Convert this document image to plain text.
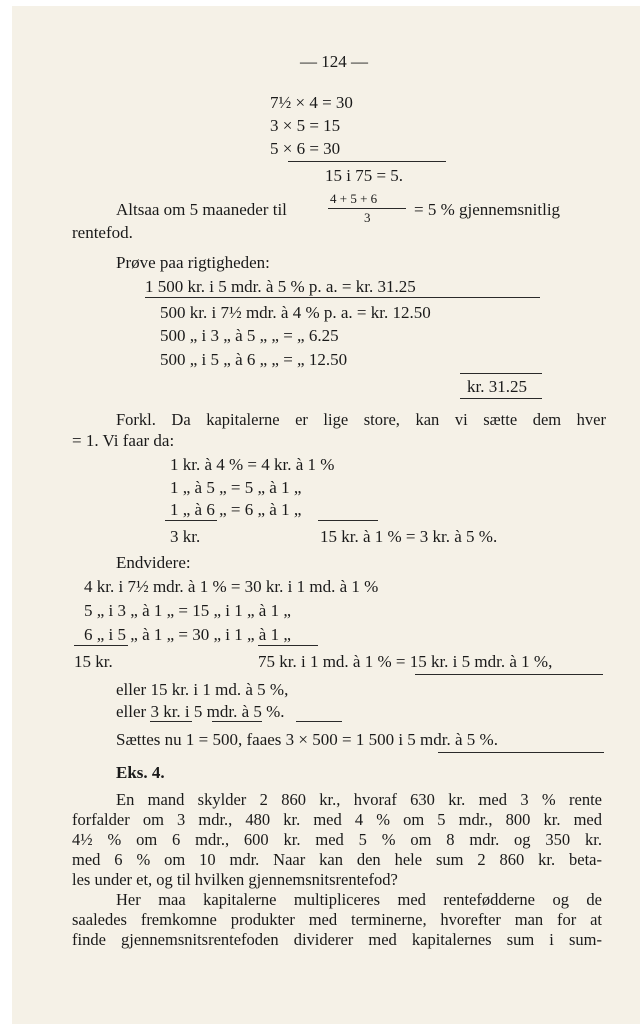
— 124 —
7½ × 4 = 30
3 × 5 = 15
5 × 6 = 30
15 i 75 = 5.
Altsaa om 5 maaneder til
4 + 5 + 6
3	= 5 % gjennemsnitlig
rentefod.
Prøve paa rigtigheden:
1 500 kr. i 5 mdr. à 5 % p. a. = kr. 31.25
500 kr. i 7½ mdr. à 4 % p. a. = kr. 12.50
500 „ i 3 „ à 5 „ „ = „ 6.25
500 „ i 5 „ à 6 „ „ = „ 12.50
kr. 31.25
Forkl. Da kapitalerne er lige store, kan vi sætte dem hver
= 1. Vi faar da:
1 kr. à 4 % = 4 kr. à 1 %
1 „ à 5 „ = 5 „ à 1 „
1 „ à 6 „ = 6 „ à 1 „
3 kr.	15 kr. à 1 % = 3 kr. à 5 %.
Endvidere:
4 kr. i 7½ mdr. à 1 % = 30 kr. i 1 md. à 1 %
5 „ i 3 „ à 1 „ = 15 „ i 1 „ à 1 „
6 „ i 5 „ à 1 „ = 30 „ i 1 „ à 1 „
15 kr.	75 kr. i 1 md. à 1 % = 15 kr. i 5 mdr. à 1 %,
eller 15 kr. i 1 md. à 5 %,
eller 3 kr. i 5 mdr. à 5 %.
Sættes nu 1 = 500, faaes 3 × 500 = 1 500 i 5 mdr. à 5 %.
Eks. 4.
En mand skylder 2 860 kr., hvoraf 630 kr. med 3 % rente
forfalder om 3 mdr., 480 kr. med 4 % om 5 mdr., 800 kr. med
4½ % om 6 mdr., 600 kr. med 5 % om 8 mdr. og 350 kr.
med 6 % om 10 mdr. Naar kan den hele sum 2 860 kr. beta-
les under et, og til hvilken gjennemsnitsrentefod?
Her maa kapitalerne multipliceres med rentefødderne og de
saaledes fremkomne produkter med terminerne, hvorefter man for at
finde gjennemsnitsrentefoden dividerer med kapitalernes sum i sum-
